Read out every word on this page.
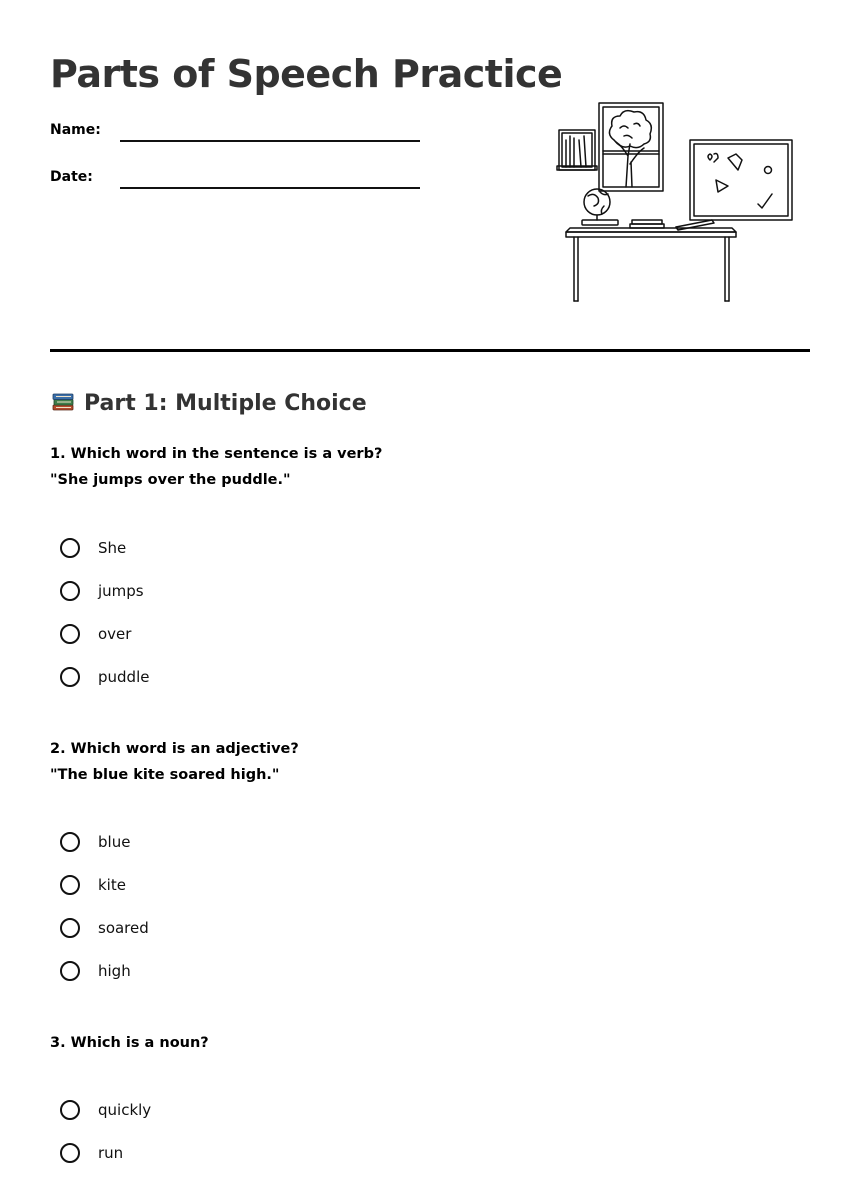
Parts of Speech Practice
Name:
Date:
Part 1: Multiple Choice

1. Which word in the sentence is a verb?
"She jumps over the puddle."

She
jumps
over
puddle

2. Which word is an adjective?
"The blue kite soared high."

blue
kite
soared
high

3. Which is a noun?

quickly
run
